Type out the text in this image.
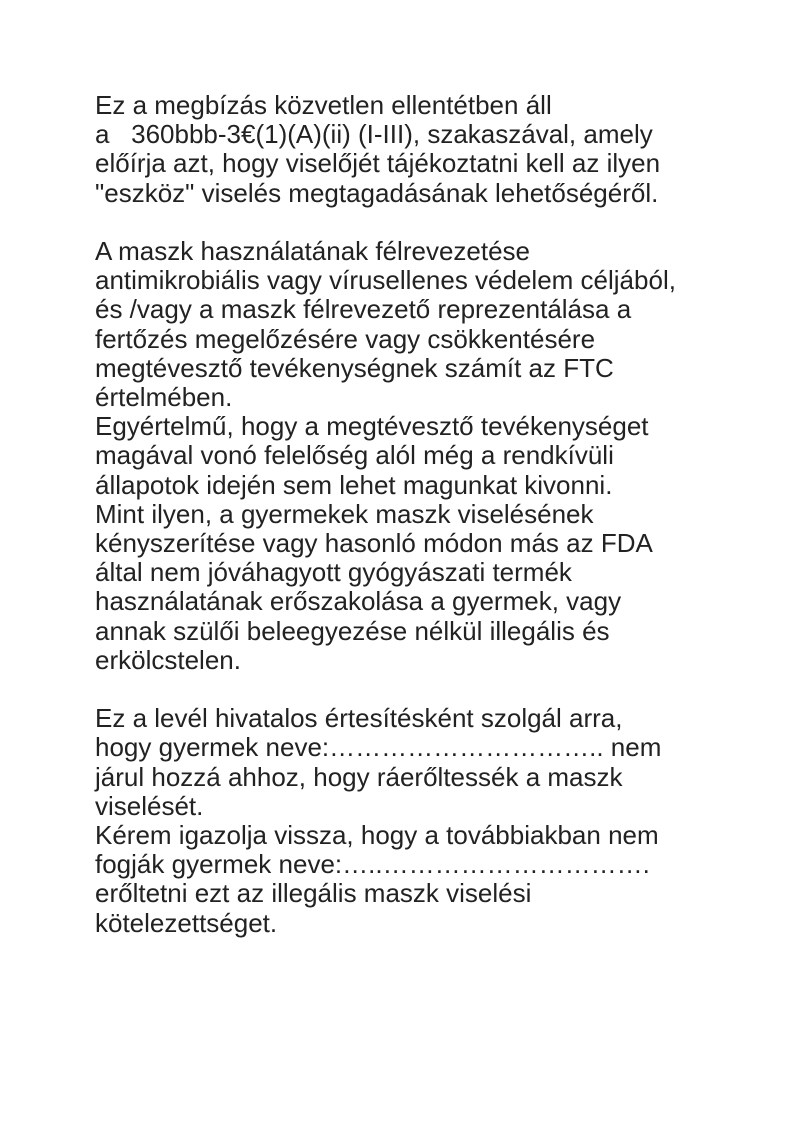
Ez a megbízás közvetlen ellentétben áll
a   360bbb-3€(1)(A)(ii) (I-III), szakaszával, amely
előírja azt, hogy viselőjét tájékoztatni kell az ilyen
"eszköz" viselés megtagadásának lehetőségéről.
A maszk használatának félrevezetése
antimikrobiális vagy vírusellenes védelem céljából,
és /vagy a maszk félrevezető reprezentálása a
fertőzés megelőzésére vagy csökkentésére
megtévesztő tevékenységnek számít az FTC
értelmében.
Egyértelmű, hogy a megtévesztő tevékenységet
magával vonó felelőség alól még a rendkívüli
állapotok idején sem lehet magunkat kivonni.
Mint ilyen, a gyermekek maszk viselésének
kényszerítése vagy hasonló módon más az FDA
által nem jóváhagyott gyógyászati termék
használatának erőszakolása a gyermek, vagy
annak szülői beleegyezése nélkül illegális és
erkölcstelen.
Ez a levél hivatalos értesítésként szolgál arra,
hogy gyermek neve:………………………….. nem
járul hozzá ahhoz, hogy ráerőltessék a maszk
viselését.
Kérem igazolja vissza, hogy a továbbiakban nem
fogják gyermek neve:…..………………………….
erőltetni ezt az illegális maszk viselési
kötelezettséget.
